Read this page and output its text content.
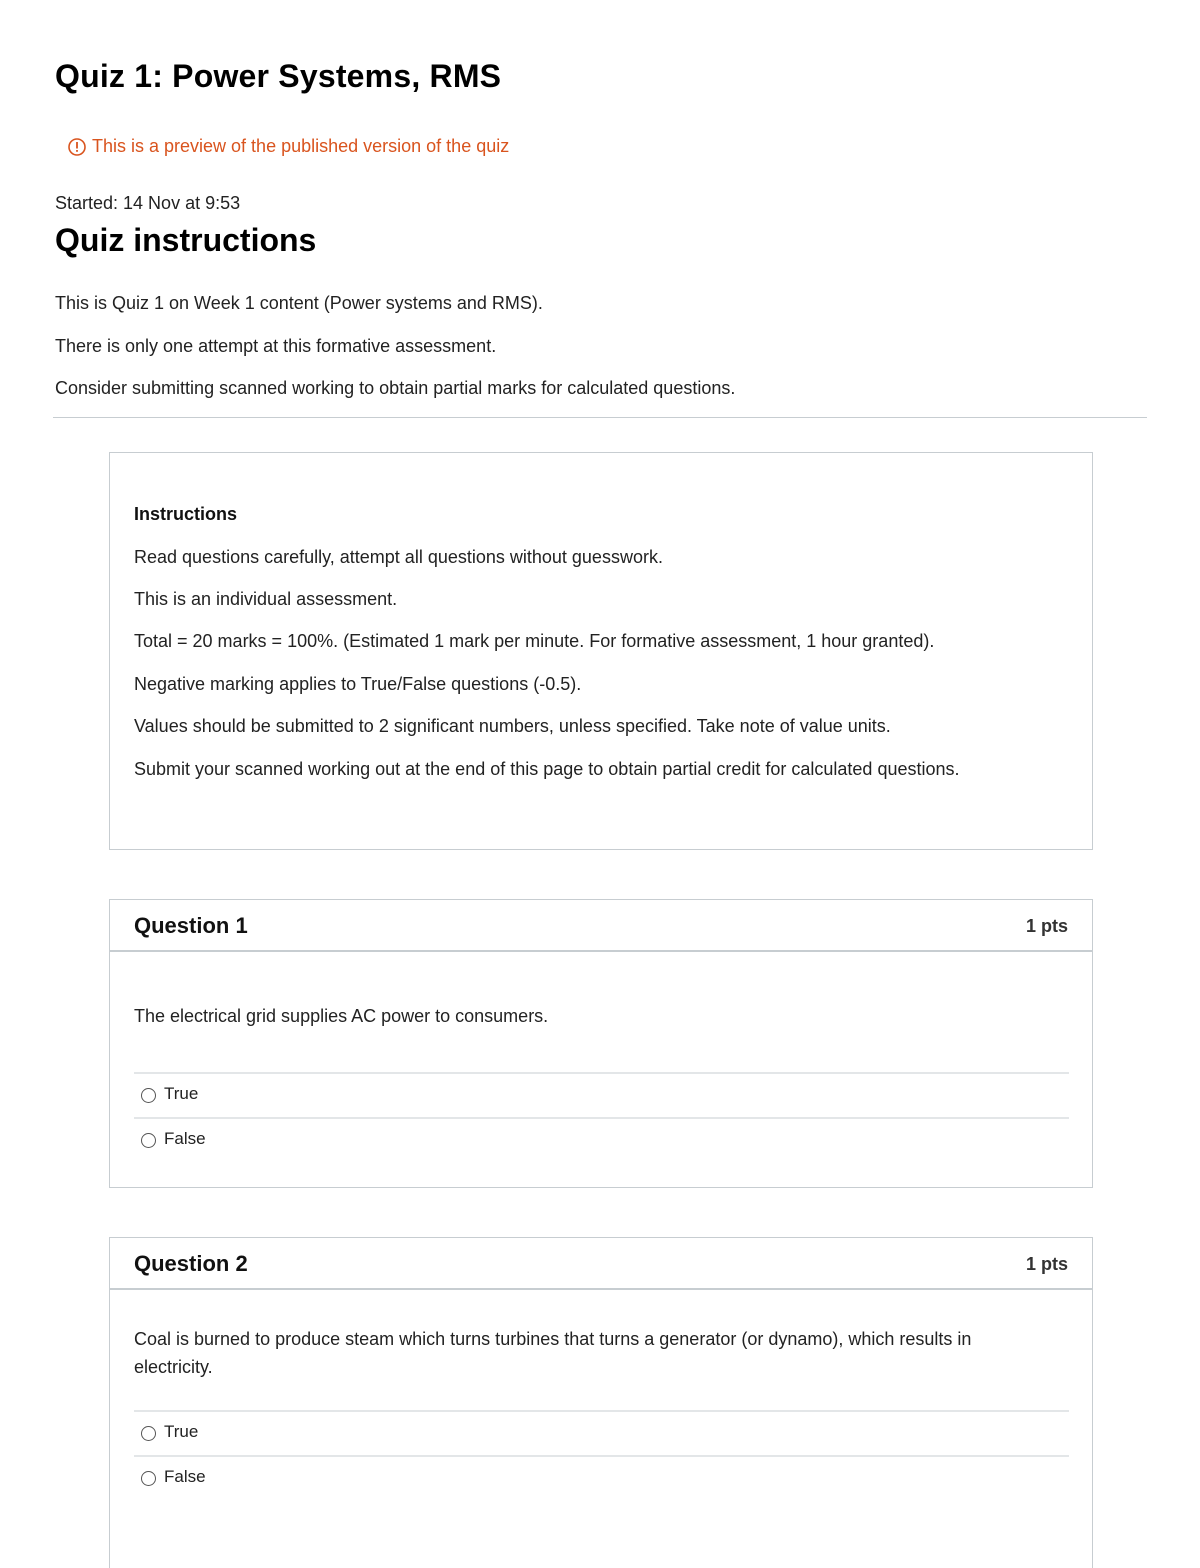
Quiz 1: Power Systems, RMS
This is a preview of the published version of the quiz
Started: 14 Nov at 9:53
Quiz instructions
This is Quiz 1 on Week 1 content (Power systems and RMS).
There is only one attempt at this formative assessment.
Consider submitting scanned working to obtain partial marks for calculated questions.
Instructions
Read questions carefully, attempt all questions without guesswork.
This is an individual assessment.
Total = 20 marks = 100%. (Estimated 1 mark per minute. For formative assessment, 1 hour granted).
Negative marking applies to True/False questions (-0.5).
Values should be submitted to 2 significant numbers, unless specified. Take note of value units.
Submit your scanned working out at the end of this page to obtain partial credit for calculated questions.
Question 1	1 pts
The electrical grid supplies AC power to consumers.
True
False
Question 2	1 pts
Coal is burned to produce steam which turns turbines that turns a generator (or dynamo), which results in electricity.
True
False
